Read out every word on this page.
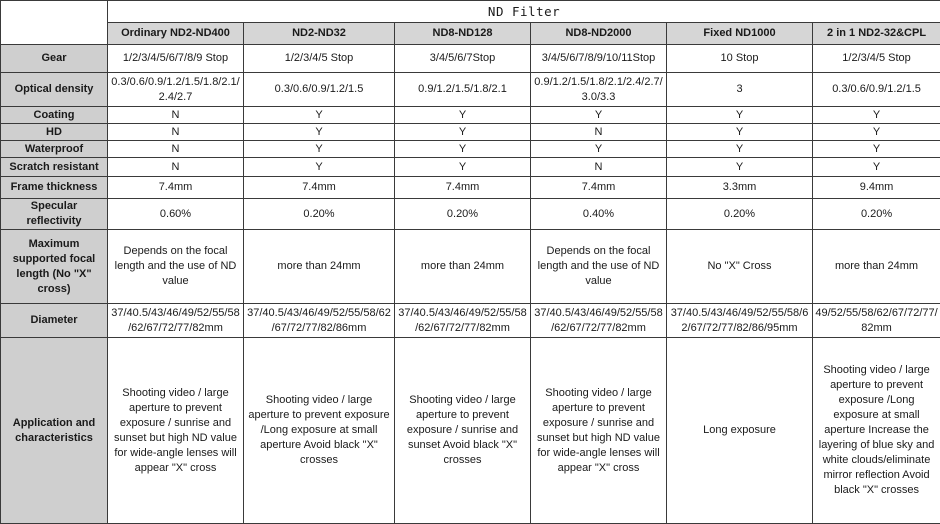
	ND Filter					
	Ordinary ND2-ND400	ND2-ND32	ND8-ND128	ND8-ND2000	Fixed ND1000	2 in 1 ND2-32&CPL
Gear	1/2/3/4/5/6/7/8/9 Stop	1/2/3/4/5 Stop	3/4/5/6/7Stop	3/4/5/6/7/8/9/10/11Stop	10 Stop	1/2/3/4/5 Stop
Optical density	0.3/0.6/0.9/1.2/1.5/1.8/2.1/2.4/2.7	0.3/0.6/0.9/1.2/1.5	0.9/1.2/1.5/1.8/2.1	0.9/1.2/1.5/1.8/2.1/2.4/2.7/3.0/3.3	3	0.3/0.6/0.9/1.2/1.5
Coating	N	Y	Y	Y	Y	Y
HD	N	Y	Y	N	Y	Y
Waterproof	N	Y	Y	Y	Y	Y
Scratch resistant	N	Y	Y	N	Y	Y
Frame thickness	7.4mm	7.4mm	7.4mm	7.4mm	3.3mm	9.4mm
Specular reflectivity	0.60%	0.20%	0.20%	0.40%	0.20%	0.20%
Maximum supported focal length (No "X" cross)	Depends on the focal length and the use of ND value	more than 24mm	more than 24mm	Depends on the focal length and the use of ND value	No "X" Cross	more than 24mm
Diameter	37/40.5/43/46/49/52/55/58/62/67/72/77/82mm	37/40.5/43/46/49/52/55/58/62/67/72/77/82/86mm	37/40.5/43/46/49/52/55/58/62/67/72/77/82mm	37/40.5/43/46/49/52/55/58/62/67/72/77/82mm	37/40.5/43/46/49/52/55/58/62/67/72/77/82/86/95mm	49/52/55/58/62/67/72/77/82mm
Application and characteristics	Shooting video / large aperture to prevent exposure / sunrise and sunset but high ND value for wide-angle lenses will appear "X" cross	Shooting video / large aperture to prevent exposure /Long exposure at small aperture Avoid black "X" crosses	Shooting video / large aperture to prevent exposure / sunrise and sunset Avoid black "X" crosses	Shooting video / large aperture to prevent exposure / sunrise and sunset but high ND value for wide-angle lenses will appear "X" cross	Long exposure	Shooting video / large aperture to prevent exposure /Long exposure at small aperture Increase the layering of blue sky and white clouds/eliminate mirror reflection Avoid black "X" crosses
